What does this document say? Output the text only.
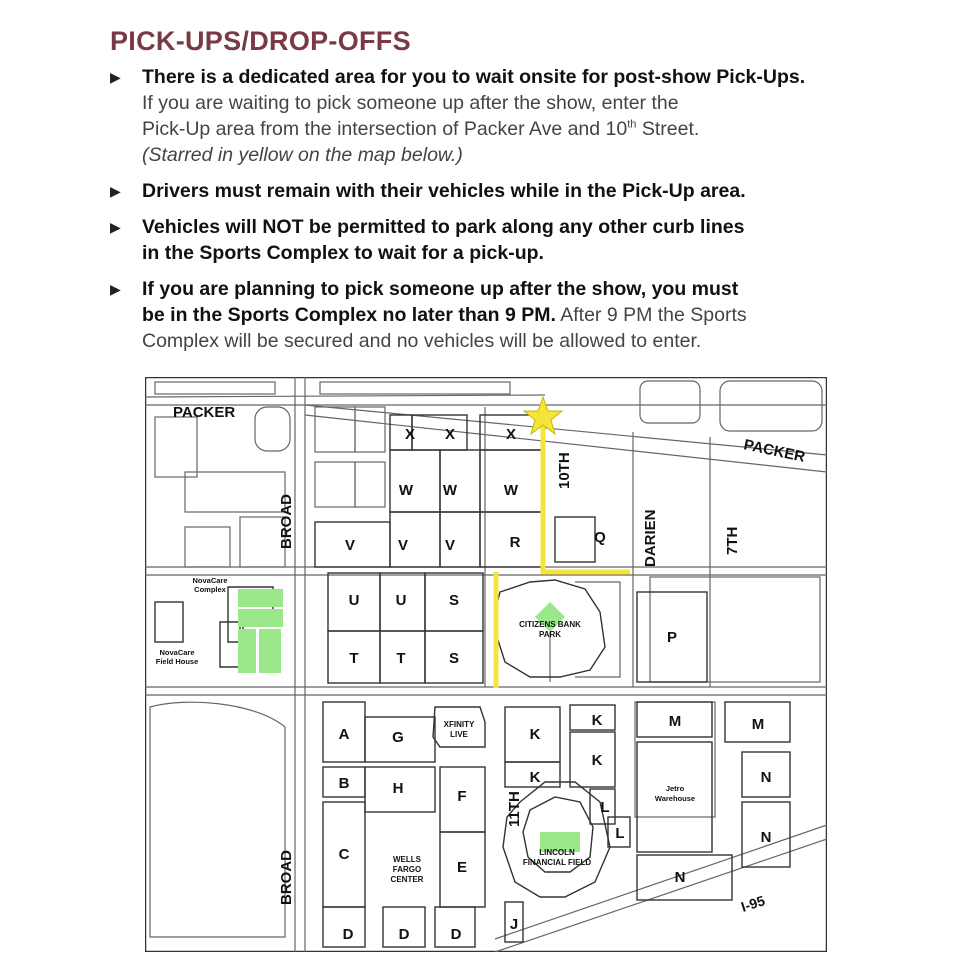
PICK-UPS/DROP-OFFS
▶ There is a dedicated area for you to wait onsite for post-show Pick-Ups.
If you are waiting to pick someone up after the show, enter the
Pick-Up area from the intersection of Packer Ave and 10th Street.
(Starred in yellow on the map below.)
▶ Drivers must remain with their vehicles while in the Pick-Up area.
▶ Vehicles will NOT be permitted to park along any other curb lines
in the Sports Complex to wait for a pick-up.
▶ If you are planning to pick someone up after the show, you must
be in the Sports Complex no later than 9 PM. After 9 PM the Sports
Complex will be secured and no vehicles will be allowed to enter.
PACKER
PACKER
BROAD
BROAD
10TH
11TH
DARIEN	7TH
I-95
CITIZENS BANK
PARK
XFINITY
LIVE
WELLS
FARGO
CENTER
LINCOLN
FINANCIAL FIELD
NovaCare
Complex
NovaCare
Field House
Jetro
Warehouse
X X	X
W W	W
V	V V	R	Q
U U	S
T	T	S
P
A	G
B	H	F
C
E
D	D	D
K
K
K
K
L
L
J
M	M
N
N
N
